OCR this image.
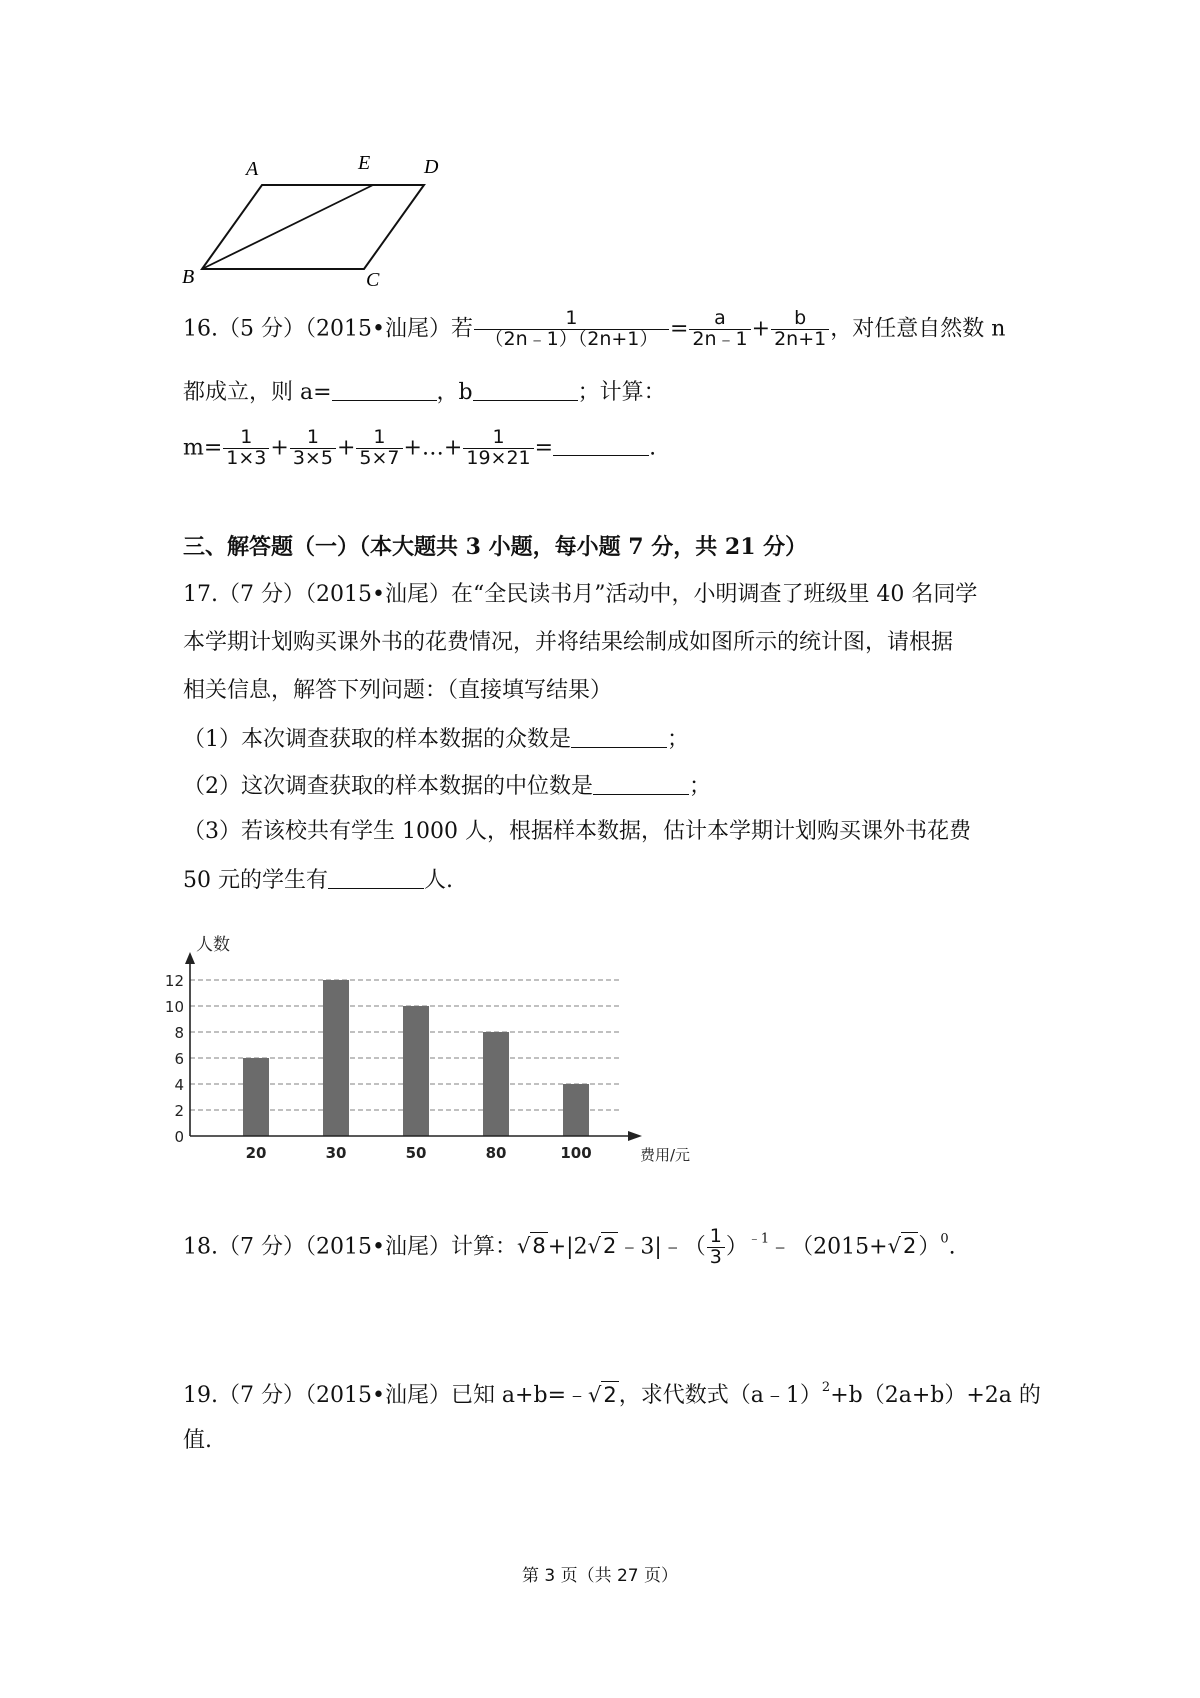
A	E	D
B	C
16.（5 分）（2015•汕尾）若 $\frac{1}{(2n﹣1)(2n+1)} = \frac{a}{2n﹣1} + \frac{b}{2n+1}$ ，对任意自然数 n
都成立，则 a=	，b	；计算：
$m= \frac{1}{1\times 3} + \frac{1}{3\times 5} + \frac{1}{5\times 7}$ +…+ $\frac{1}{19\times 21}$ =	.
三、解答题（一）（本大题共 3 小题，每小题 7 分，共 21 分）
17.（7 分）（2015•汕尾）在“全民读书月”活动中，小明调查了班级里 40 名同学
本学期计划购买课外书的花费情况，并将结果绘制成如图所示的统计图，请根据
相关信息，解答下列问题：（直接填写结果）
（1）本次调查获取的样本数据的众数是	；
（2）这次调查获取的样本数据的中位数是	；
（3）若该校共有学生 1000 人，根据样本数据，估计本学期计划购买课外书花费
50 元的学生有	人.
0
2
4
6
8
10
12
20	30	50	80	100
人数
费用/元
18.（7 分）（2015•汕尾）计算：√8+|2√2﹣3|﹣（ $\frac{1}{3}$ ）$^{﹣1}﹣(2015+√2)^0$.
19.（7 分）（2015•汕尾）已知 a+b=﹣√2，求代数式（a﹣1）$^2$+b（2a+b）+2a 的
值.
第 3 页（共 27 页）
